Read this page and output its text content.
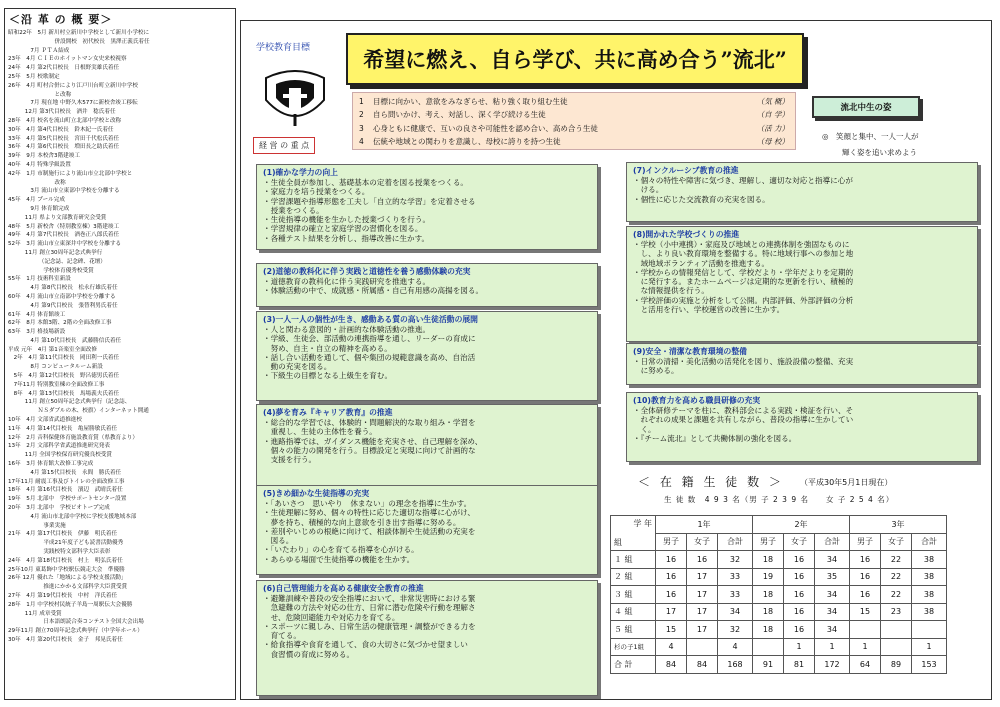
＜沿 革 の 概 要＞
昭和22年　5月 新川村立新川中学校として新川小学校に
　　　　　　　　 併設開校　初代校長　黒澤正義氏着任
　　　　7月 ＰＴＡ結成
23年　4月 ＣＩＥのホイットマン女史来校視察
24年　4月 第2代目校長　日根野実雄氏着任
25年　5月 校歌制定
26年　4月 町村合併により江戸川台町立新川中学校
　　　　　　　　 と改称
　　　　7月 現在地 中野久木577に新校舎竣工移転
　　　12月 第3代目校長　酒井　稔氏着任
28年　4月 校名を流山町立北部中学校と改称
30年　4月 第4代目校長　鈴木紀一氏着任
33年　4月 第5代目校長　宮田千代松氏着任
36年　4月 第6代目校長　増田長之助氏着任
39年　9月 本校舎3階建竣工
40年　4月 特殊学級設置
42年　1月 市制施行により流山市立北部中学校と
　　　　　　　　 改称
　　　　3月 流山市立東部中学校を分離する
45年　4月 プール完成
　　　　9月 体育館完成
　　　11月 県より文部教育研究会受賞
48年　5月 新校舎（特別教室棟）3階建竣工
49年　4月 第7代目校長　酒巻正八郎氏着任
52年　3月 流山市立東深井中学校を分離する
　　　11月 創立30周年記念式典挙行
　　　　　　（記念誌、記念碑、花壇）
　　　　　　 学校体育優秀校受賞
55年　1月 技術科室新設
　　　　4月 第8代目校長　松永行雄氏着任
60年　4月 流山市立南部中学校を分離する
　　　　4月 第9代目校長　張替利男氏着任
61年　4月 体育館竣工
62年　8月 本館3階、2階の全面改修工事
63年　3月 格技場新設
　　　　4月 第10代目校長　武藤勝信氏着任
平成 元年　4月 第1音楽室全面改修
　2年　4月 第11代目校長　岡田利一氏着任
　　　　8月 コンピュータルーム新設
　5年　4月 第12代目校長　野呂徳男氏着任
　7年11月 特別教室棟の全面改修工事
　8年　4月 第13代目校長　馬場義夫氏着任
　　　11月 創立50周年記念式典挙行（記念誌、
　　　　　 ＮＳダブルの木、校旗）インターネット開通
10年　4月 文部省武道推進校
11年　4月 第14代目校長　亀屋勝敏氏着任
12年　2月 音科保健体育施設教育賞（県教育より）
13年　2月 文部科学省武道推進研究発表
　　　11月 全国学校保育研究優良校受賞
16年　3月 体育館大改修工事完成
　　　　4月 第15代目校長　永間　勝氏着任
17年11月 耐震工事及びトイレの全面改修工事
18年　4月 第16代目校長　濱辺　武晴氏着任
19年　5月 北部中　学校サポートセンター設置
20年　3月 北部中　学校ビオトープ完成
　　　　4月 流山市北部中学校に学校支援地域本部
　　　　　　 事業実施
21年　4月 第17代目校長　伊藤　明氏着任
　　　　　　 平成21年度子ども読書活動優秀
　　　　　　 実践校特文部科学大臣表彰
24年　4月 第18代目校長　村上　明弘氏着任
25年10月 東葛飾中学校駅伝競走大会　準優勝
26年 12月 優れた「地域による学校支援活動」
　　　　　　 推進にかかる文部科学大臣賞受賞
27年　4月 第19代目校長　中村　洋氏着任
28年　1月 中学校村民統子羊島一周駅伝大会優勝
　　　11月 成章受賞
　　　　　　 日本語朗読合奏コンテスト全国大会出場
29年11月 創立70周年記念式典挙行（中学年ホール）
30年　4月 第20代目校長　金子　邦晃氏着任
学校教育目標	希望に燃え、自ら学び、共に高め合う”流北”
経 営 の 重 点
1	目標に向かい、意欲をみなぎらせ、粘り強く取り組む生徒	（気 概）
2	自ら問いかけ、考え、対話し、深く学び続ける生徒	（自 学）
3	心身ともに健康で、互いの良さや可能性を認め合い、高め合う生徒	（活 力）
4	伝統や地域との関わりを意識し、母校に誇りを持つ生徒	（母 校）
流北中生の姿
◎　笑顔と集中、一人一人が
輝く姿を追い求めよう
(1)確かな学力の向上
・生徒全員が参加し、基礎基本の定着を図る授業をつくる。
・家庭力を培う授業をつくる。
・学習課題や指導形態を工夫し「自立的な学習」を定着させる
　授業をつくる。
・生徒指導の機能を生かした授業づくりを行う。
・学習規律の確立と家庭学習の習慣化を図る。
・各種テスト結果を分析し、指導改善に生かす。
(2)道徳の教科化に伴う実践と道徳性を養う感動体験の充実
・道徳教育の教科化に伴う実践研究を推進する。
・体験活動の中で、成就感・所属感・自己有用感の高揚を図る。
(3)一人一人の個性が生き、感動ある質の高い生徒活動の展開
・人と関わる意図的・計画的な体験活動の推進。
・学級、生徒会、部活動の連携指導を通し、リーダーの育成に
　努め、自主・自立の精神を高める。
・話し合い活動を通して、個や集団の規範意識を高め、自治活
　動の充実を図る。
・下級生の目標となる上級生を育む。
(4)夢を育み『キャリア教育』の推進
・総合的な学習では、体験的・問題解決的な取り組み・学習を
　重視し、生徒の主体性を養う。
・進路指導では、ガイダンス機能を充実させ、自己理解を深め、
　個々の能力の開発を行う。目標設定と実現に向けて計画的な
　支援を行う。
(5)きめ細かな生徒指導の充実
・「あいさつ　思いやり　休まない」の理念を指導に生かす。
・生徒理解に努め、個々の特性に応じた適切な指導に心がけ、
　夢を持ち、積極的な向上意欲を引き出す指導に努める。
・差別やいじめの根絶に向けて、相談体制や生徒活動の充実を
　図る。
・「いたわり」の心を育てる指導を心がける。
・あらゆる場面で生徒指導の機能を生かす。
(6)自己管理能力を高める健康安全教育の推進
・避難訓練や普段の安全指導において、非常災害時における緊
　急避難の方法や対応の仕方、日常に潜む危険や行動を理解さ
　せ、危険回避能力や対応力を育てる。
・スポーツに親しみ、日常生活の健康管理・調整ができる力を
　育てる。
・給食指導や食育を通して、食の大切さに気づかせ望ましい
　食習慣の育成に努める。
(7)インクルーシブ教育の推進
・個々の特性や障害に気づき、理解し、適切な対応と指導に心が
　ける。
・個性に応じた交流教育の充実を図る。
(8)開かれた学校づくりの推進
・学校（小中連携）・家庭及び地域との連携体制を強固なものに
　し、より良い教育環境を整備する。特に地域行事への参加と地
　域地域ボランティア活動を推進する。
・学校からの情報発信として、学校だより・学年だよりを定期的
　に発行する。またホームページは定期的な更新を行い、積極的
　な情報提供を行う。
・学校評価の実施と分析をして公開。内部評価、外部評価の分析
　と活用を行い、学校運営の改善に生かす。
(9)安全・清潔な教育環境の整備
・日常の清掃・美化活動の活発化を図り、施設設備の整備、充実
　に努める。
(10)教育力を高める職員研修の充実
・全体研修テーマを柱に、教科部会による実践・検証を行い、そ
　れぞれの成果と課題を共有しながら、普段の指導に生かしてい
　く。
・『チーム流北』として共働体制の強化を図る。
＜ 在 籍 生 徒 数 ＞ （平成30年5月1日現在）
生 徒 数　4 9 3 名（男 子 2 3 9 名　　女 子 2 5 4 名）
学 年
組	1年			2年			3年		
	男子	女子	合計	男子	女子	合計	男子	女子	合計
１ 組	16	16	32	18	16	34	16	22	38
２ 組	16	17	33	19	16	35	16	22	38
３ 組	16	17	33	18	16	34	16	22	38
４ 組	17	17	34	18	16	34	15	23	38
５ 組	15	17	32	18	16	34			
杉の子1組	4		4		1	1	1		1
合 計	84	84	168	91	81	172	64	89	153
